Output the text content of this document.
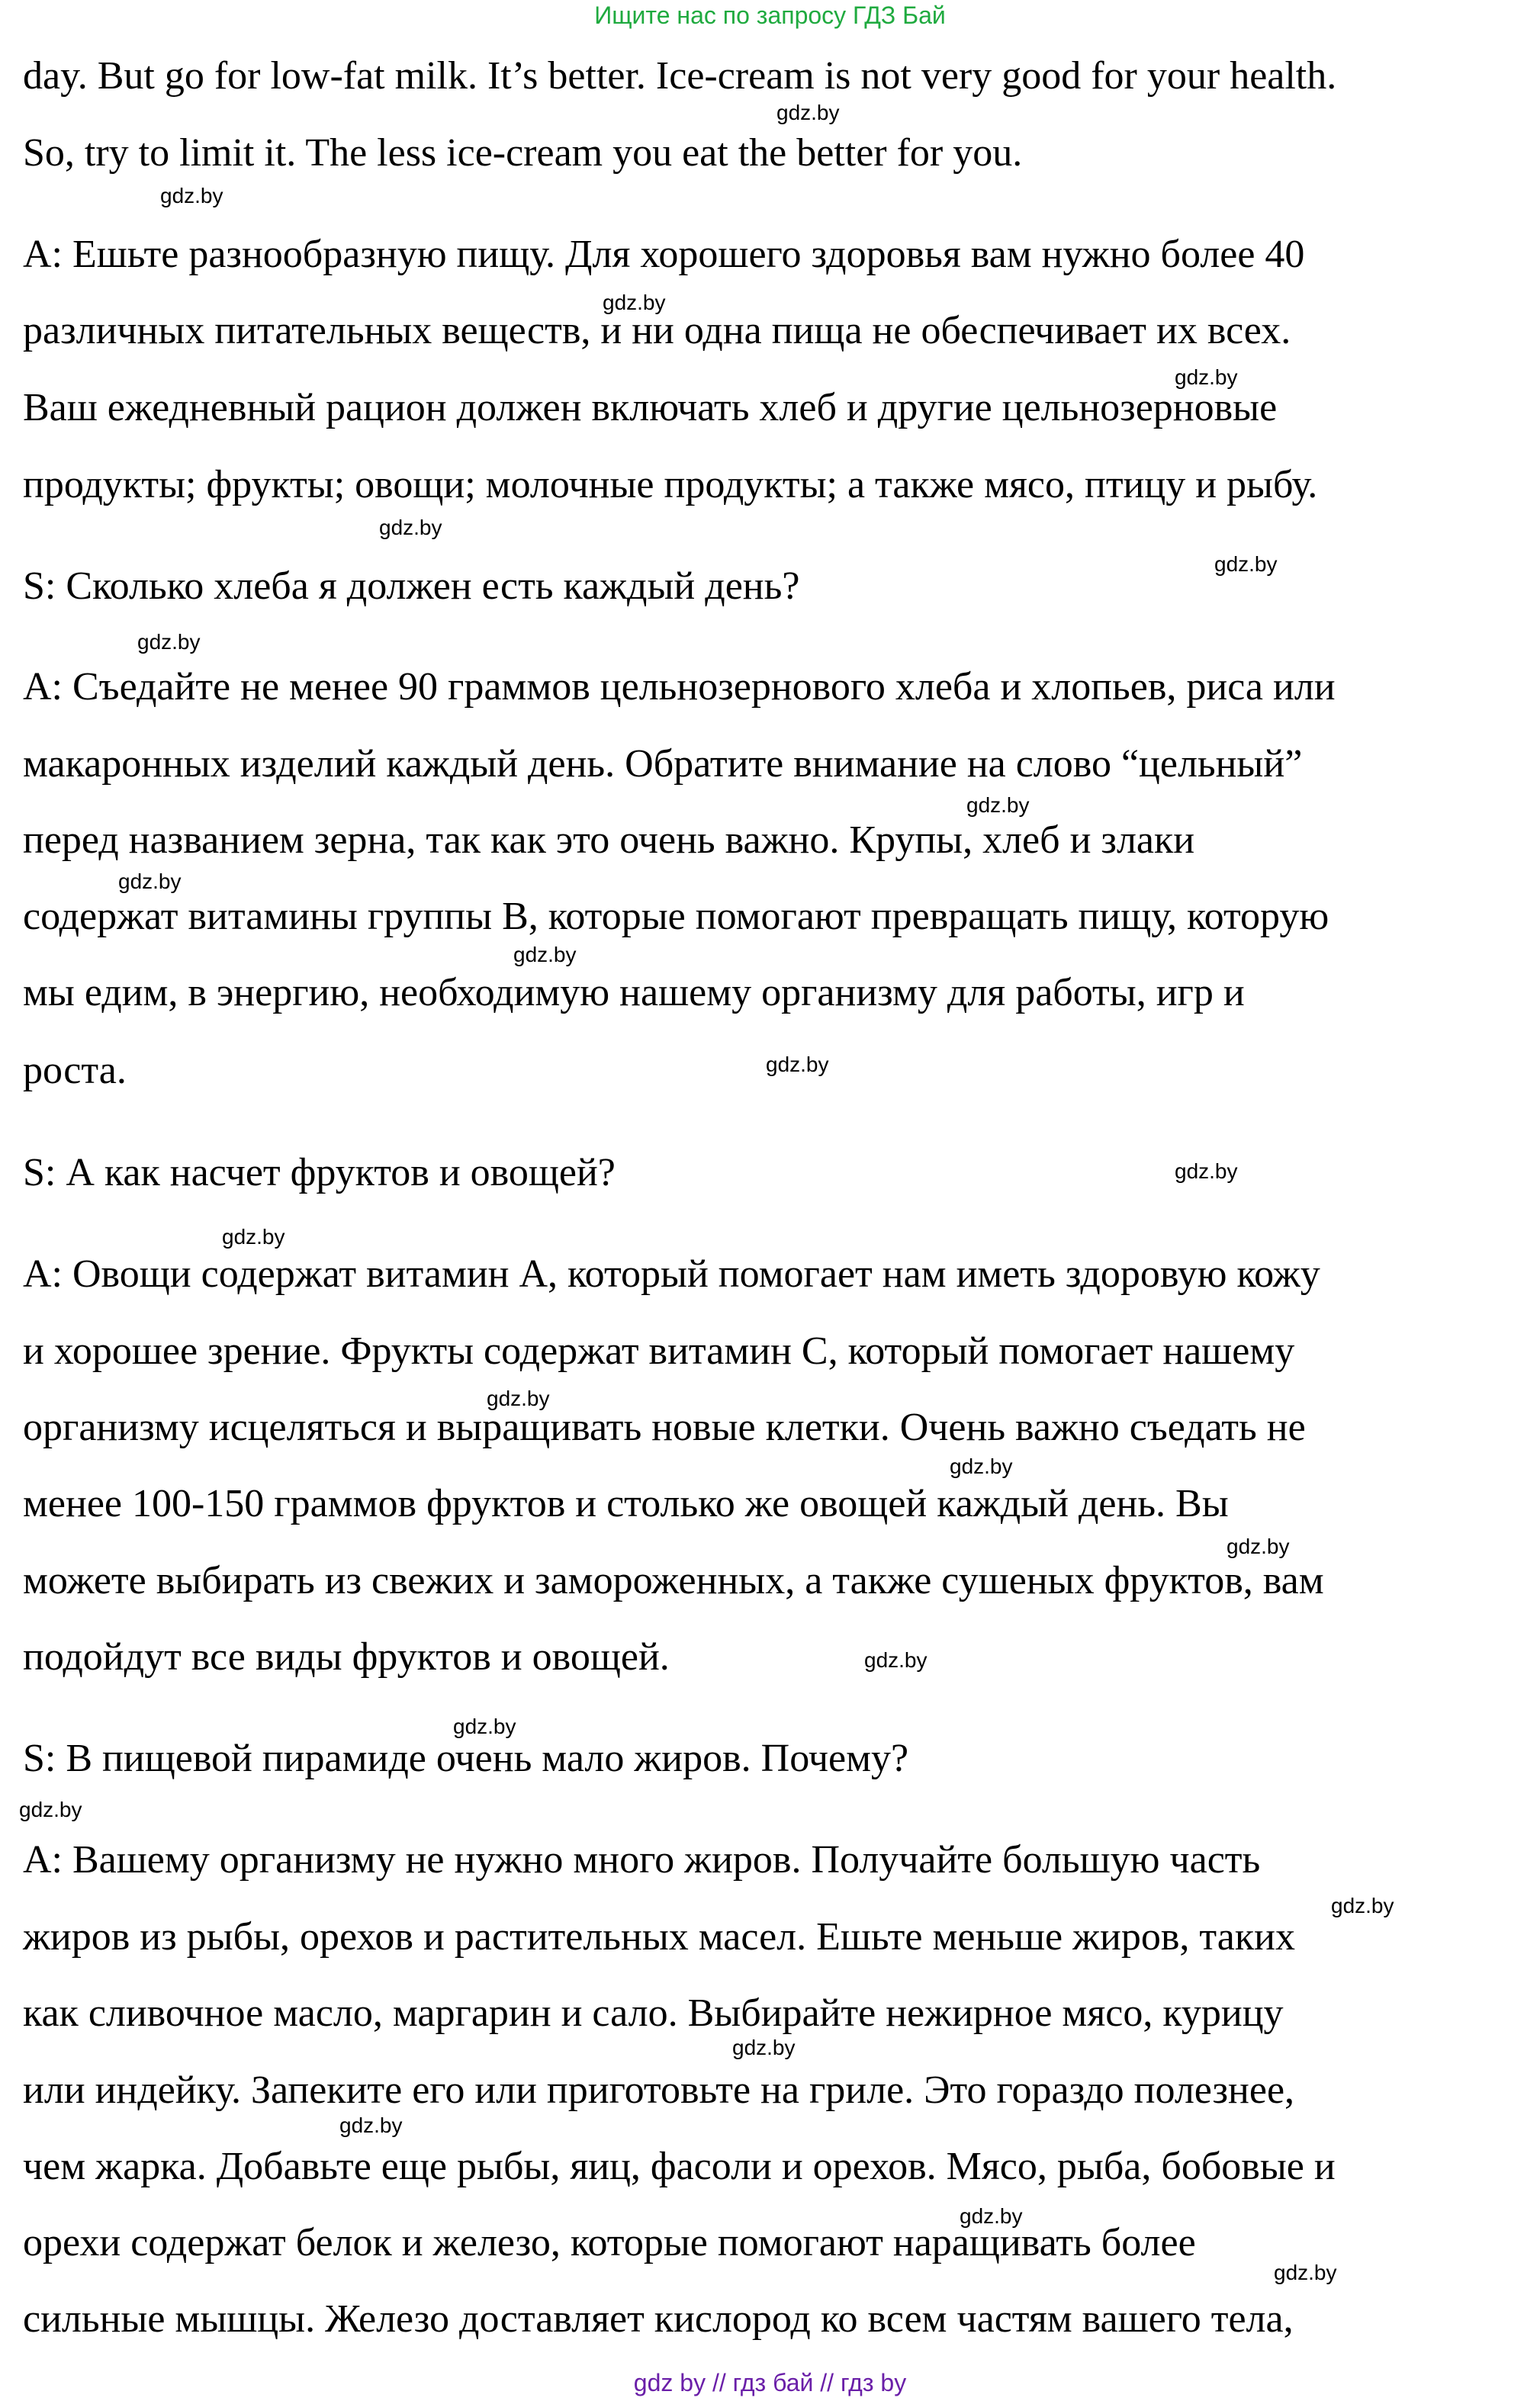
Ищите нас по запросу ГДЗ Бай
day. But go for low-fat milk. It’s better. Ice-cream is not very good for your health.
So, try to limit it. The less ice-cream you eat the better for you.
A: Ешьте разнообразную пищу. Для хорошего здоровья вам нужно более 40
различных питательных веществ, и ни одна пища не обеспечивает их всех.
Ваш ежедневный рацион должен включать хлеб и другие цельнозерновые
продукты; фрукты; овощи; молочные продукты; а также мясо, птицу и рыбу.
S: Сколько хлеба я должен есть каждый день?
A: Съедайте не менее 90 граммов цельнозернового хлеба и хлопьев, риса или
макаронных изделий каждый день. Обратите внимание на слово “цельный”
перед названием зерна, так как это очень важно. Крупы, хлеб и злаки
содержат витамины группы B, которые помогают превращать пищу, которую
мы едим, в энергию, необходимую нашему организму для работы, игр и
роста.
S: А как насчет фруктов и овощей?
A: Овощи содержат витамин A, который помогает нам иметь здоровую кожу
и хорошее зрение. Фрукты содержат витамин C, который помогает нашему
организму исцеляться и выращивать новые клетки. Очень важно съедать не
менее 100-150 граммов фруктов и столько же овощей каждый день. Вы
можете выбирать из свежих и замороженных, а также сушеных фруктов, вам
подойдут все виды фруктов и овощей.
S: В пищевой пирамиде очень мало жиров. Почему?
A: Вашему организму не нужно много жиров. Получайте большую часть
жиров из рыбы, орехов и растительных масел. Ешьте меньше жиров, таких
как сливочное масло, маргарин и сало. Выбирайте нежирное мясо, курицу
или индейку. Запеките его или приготовьте на гриле. Это гораздо полезнее,
чем жарка. Добавьте еще рыбы, яиц, фасоли и орехов. Мясо, рыба, бобовые и
орехи содержат белок и железо, которые помогают наращивать более
сильные мышцы. Железо доставляет кислород ко всем частям вашего тела,
gdz.by
gdz.by
gdz.by
gdz.by
gdz.by
gdz.by
gdz.by
gdz.by
gdz.by
gdz.by
gdz.by
gdz.by
gdz.by
gdz.by
gdz.by
gdz.by
gdz.by
gdz.by
gdz.by
gdz.by
gdz.by
gdz.by
gdz.by
gdz.by
gdz by // гдз бай // гдз by
